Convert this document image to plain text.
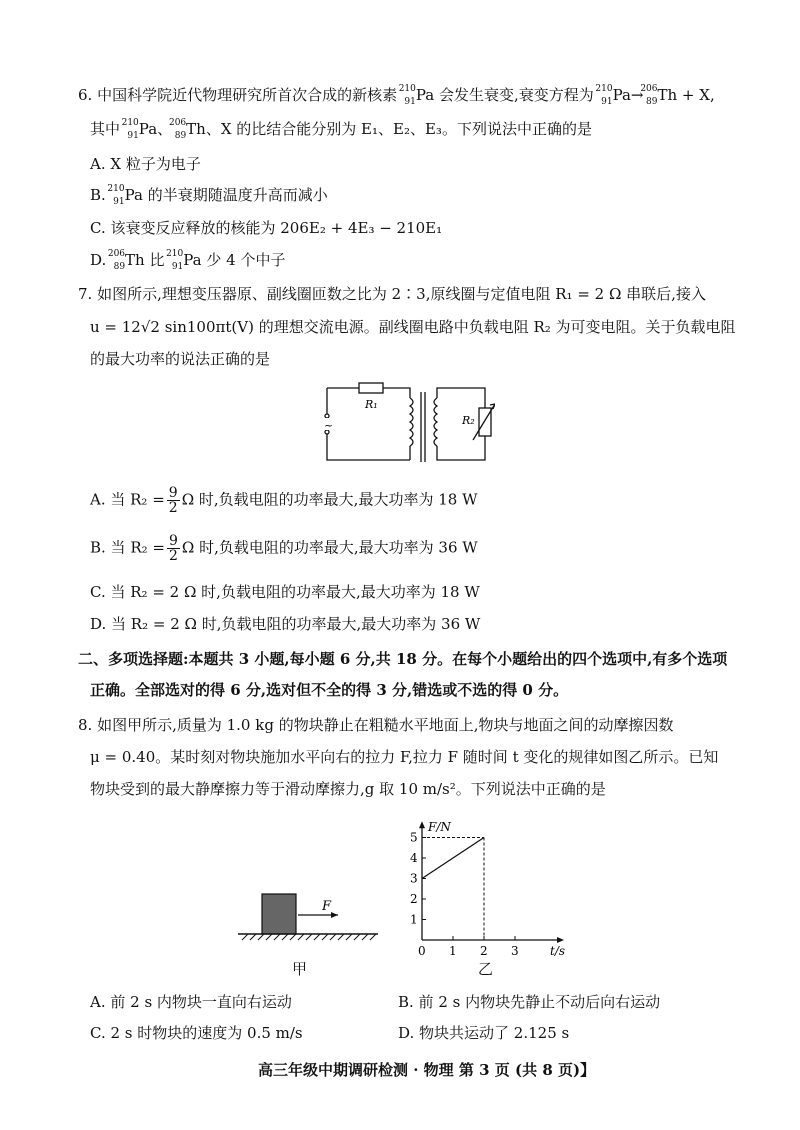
6. 中国科学院近代物理研究所首次合成的新核素 210
91 Pa 会发生衰变,衰变方程为 210
91 Pa→
206
89 Th + X,
其中 210
91 Pa、
206
89 Th、X 的比结合能分别为 E₁、E₂、E₃。下列说法中正确的是
A. X 粒子为电子
B. 210
91 Pa 的半衰期随温度升高而减小
C. 该衰变反应释放的核能为 206E₂ + 4E₃ − 210E₁
D. 206
89 Th 比 210
91 Pa 少 4 个中子
7. 如图所示,理想变压器原、副线圈匝数之比为 2∶3,原线圈与定值电阻 R₁ = 2 Ω 串联后,接入
u = 12√2 sin100πt(V) 的理想交流电源。副线圈电路中负载电阻 R₂ 为可变电阻。关于负载电阻
的最大功率的说法正确的是
~
R₁
R₂
A. 当 $R_2 = \frac{9}{2}$ Ω 时,负载电阻的功率最大,最大功率为 18 W
B. 当 $R_2 = \frac{9}{2}$ Ω 时,负载电阻的功率最大,最大功率为 36 W
C. 当 R₂ = 2 Ω 时,负载电阻的功率最大,最大功率为 18 W
D. 当 R₂ = 2 Ω 时,负载电阻的功率最大,最大功率为 36 W
二、多项选择题:本题共 3 小题,每小题 6 分,共 18 分。在每个小题给出的四个选项中,有多个选项
正确。全部选对的得 6 分,选对但不全的得 3 分,错选或不选的得 0 分。
8. 如图甲所示,质量为 1.0 kg 的物块静止在粗糙水平地面上,物块与地面之间的动摩擦因数
μ = 0.40。某时刻对物块施加水平向右的拉力 F,拉力 F 随时间 t 变化的规律如图乙所示。已知
物块受到的最大静摩擦力等于滑动摩擦力,g 取 10 m/s²。下列说法中正确的是
F
甲
0 1 2 3
1
2
3
4
5
F/N
t/s
乙
A. 前 2 s 内物块一直向右运动	B. 前 2 s 内物块先静止不动后向右运动
C. 2 s 时物块的速度为 0.5 m/s	D. 物块共运动了 2.125 s
高三年级中期调研检测 · 物理 第 3 页 (共 8 页)】
